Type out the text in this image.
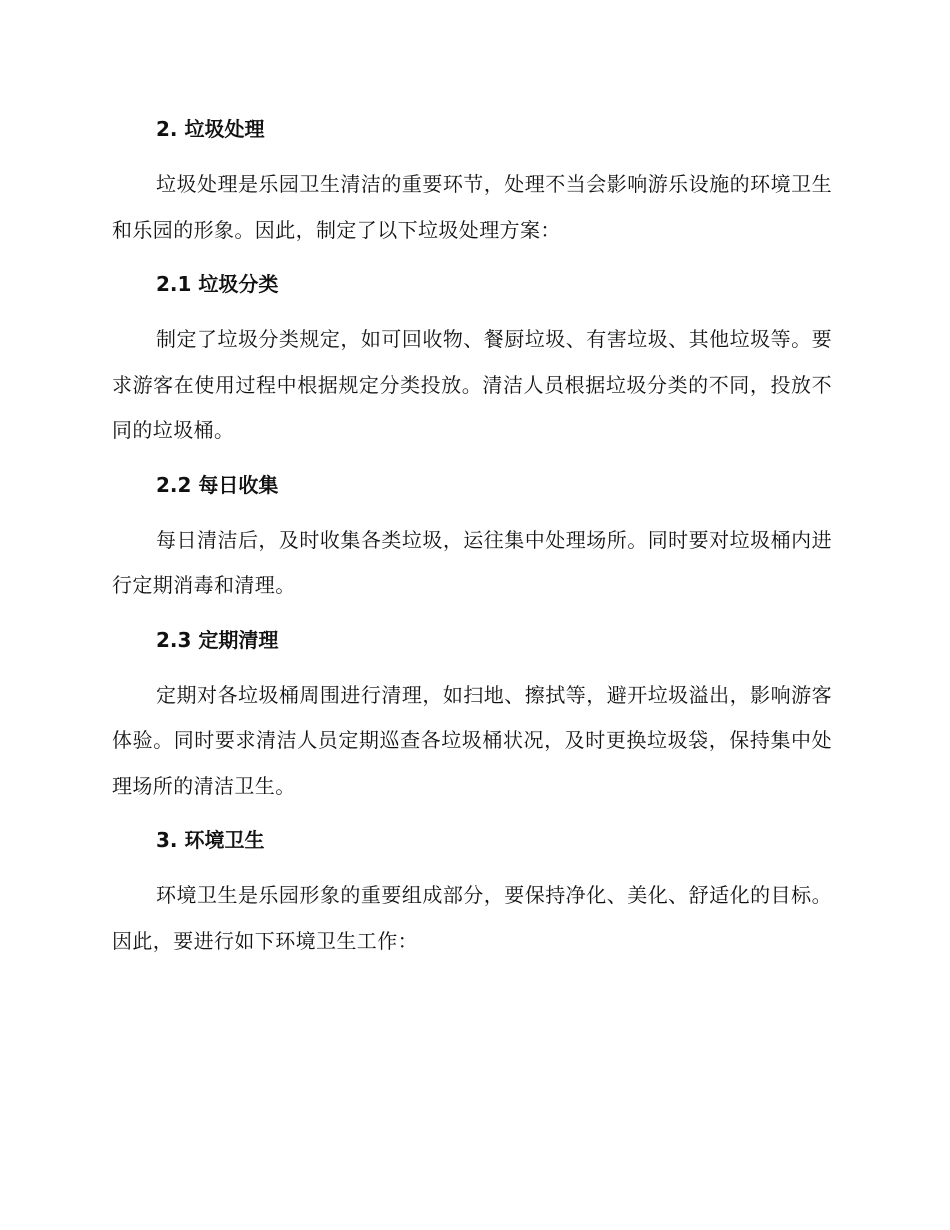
2. 垃圾处理

垃圾处理是乐园卫生清洁的重要环节，处理不当会影响游乐设施的环境卫生和乐园的形象。因此，制定了以下垃圾处理方案：

2.1 垃圾分类

制定了垃圾分类规定，如可回收物、餐厨垃圾、有害垃圾、其他垃圾等。要求游客在使用过程中根据规定分类投放。清洁人员根据垃圾分类的不同，投放不同的垃圾桶。

2.2 每日收集

每日清洁后，及时收集各类垃圾，运往集中处理场所。同时要对垃圾桶内进行定期消毒和清理。

2.3 定期清理

定期对各垃圾桶周围进行清理，如扫地、擦拭等，避开垃圾溢出，影响游客体验。同时要求清洁人员定期巡查各垃圾桶状况，及时更换垃圾袋，保持集中处理场所的清洁卫生。

3. 环境卫生

环境卫生是乐园形象的重要组成部分，要保持净化、美化、舒适化的目标。因此，要进行如下环境卫生工作：
